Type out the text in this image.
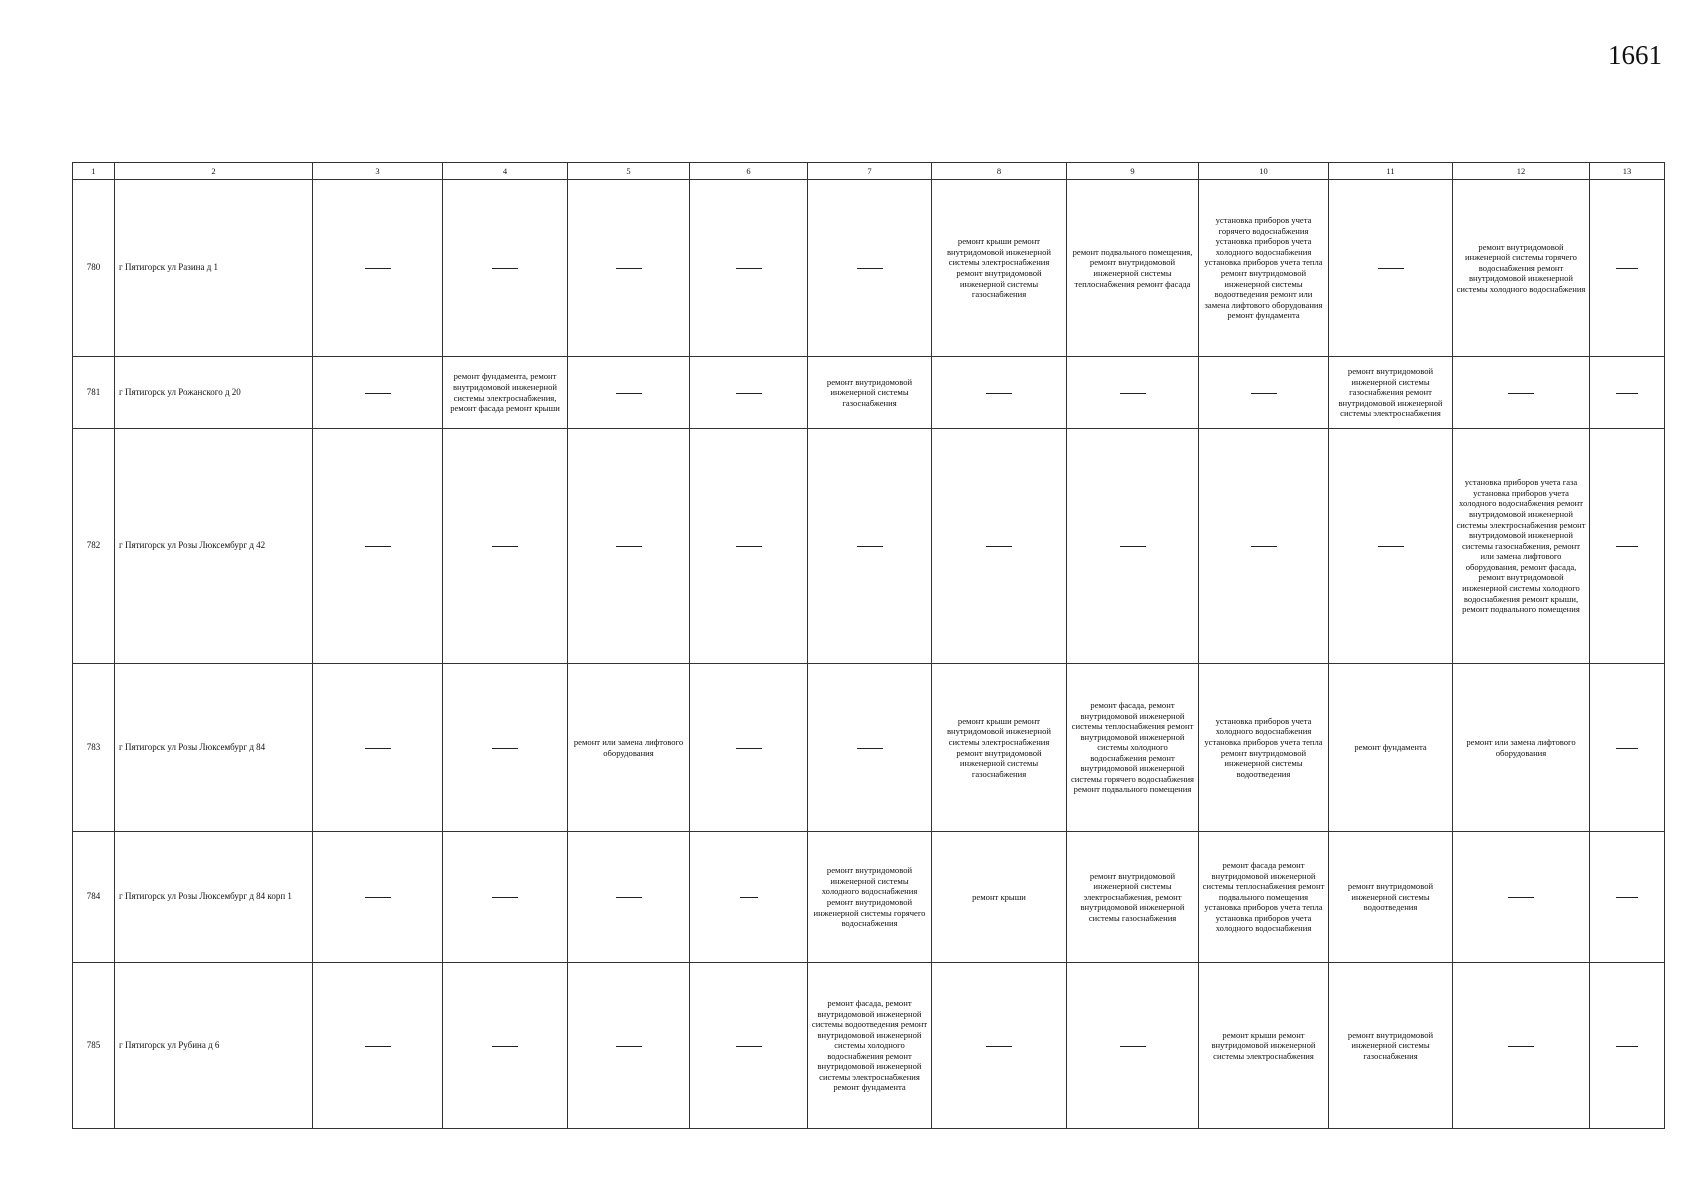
1661
1	2	3	4	5	6	7	8	9	10	11	12	13
780	г Пятигорск ул Разина д 1						ремонт крыши ремонт внутридомовой инженерной системы электроснабжения ремонт внутридомовой инженерной системы газоснабжения	ремонт подвального помещения, ремонт внутридомовой инженерной системы теплоснабжения ремонт фасада	установка приборов учета горячего водоснабжения установка приборов учета холодного водоснабжения установка приборов учета тепла ремонт внутридомовой инженерной системы водоотведения ремонт или замена лифтового оборудования ремонт фундамента		ремонт внутридомовой инженерной системы горячего водоснабжения ремонт внутридомовой инженерной системы холодного водоснабжения	
781	г Пятигорск ул Рожанского д 20		ремонт фундамента, ремонт внутридомовой инженерной системы электроснабжения, ремонт фасада ремонт крыши			ремонт внутридомовой инженерной системы газоснабжения				ремонт внутридомовой инженерной системы газоснабжения ремонт внутридомовой инженерной системы электроснабжения		
782	г Пятигорск ул Розы Люксембург д 42										установка приборов учета газа установка приборов учета холодного водоснабжения ремонт внутридомовой инженерной системы электроснабжения ремонт внутридомовой инженерной системы газоснабжения, ремонт или замена лифтового оборудования, ремонт фасада, ремонт внутридомовой инженерной системы холодного водоснабжения ремонт крыши, ремонт подвального помещения	
783	г Пятигорск ул Розы Люксембург д 84			ремонт или замена лифтового оборудования			ремонт крыши ремонт внутридомовой инженерной системы электроснабжения ремонт внутридомовой инженерной системы газоснабжения	ремонт фасада, ремонт внутридомовой инженерной системы теплоснабжения ремонт внутридомовой инженерной системы холодного водоснабжения ремонт внутридомовой инженерной системы горячего водоснабжения ремонт подвального помещения	установка приборов учета холодного водоснабжения установка приборов учета тепла ремонт внутридомовой инженерной системы водоотведения	ремонт фундамента	ремонт или замена лифтового оборудования	
784	г Пятигорск ул Розы Люксембург д 84 корп 1					ремонт внутридомовой инженерной системы холодного водоснабжения ремонт внутридомовой инженерной системы горячего водоснабжения	ремонт крыши	ремонт внутридомовой инженерной системы электроснабжения, ремонт внутридомовой инженерной системы газоснабжения	ремонт фасада ремонт внутридомовой инженерной системы теплоснабжения ремонт подвального помещения установка приборов учета тепла установка приборов учета холодного водоснабжения	ремонт внутридомовой инженерной системы водоотведения		
785	г Пятигорск ул Рубина д 6					ремонт фасада, ремонт внутридомовой инженерной системы водоотведения ремонт внутридомовой инженерной системы холодного водоснабжения ремонт внутридомовой инженерной системы электроснабжения ремонт фундамента			ремонт крыши ремонт внутридомовой инженерной системы электроснабжения	ремонт внутридомовой инженерной системы газоснабжения		
